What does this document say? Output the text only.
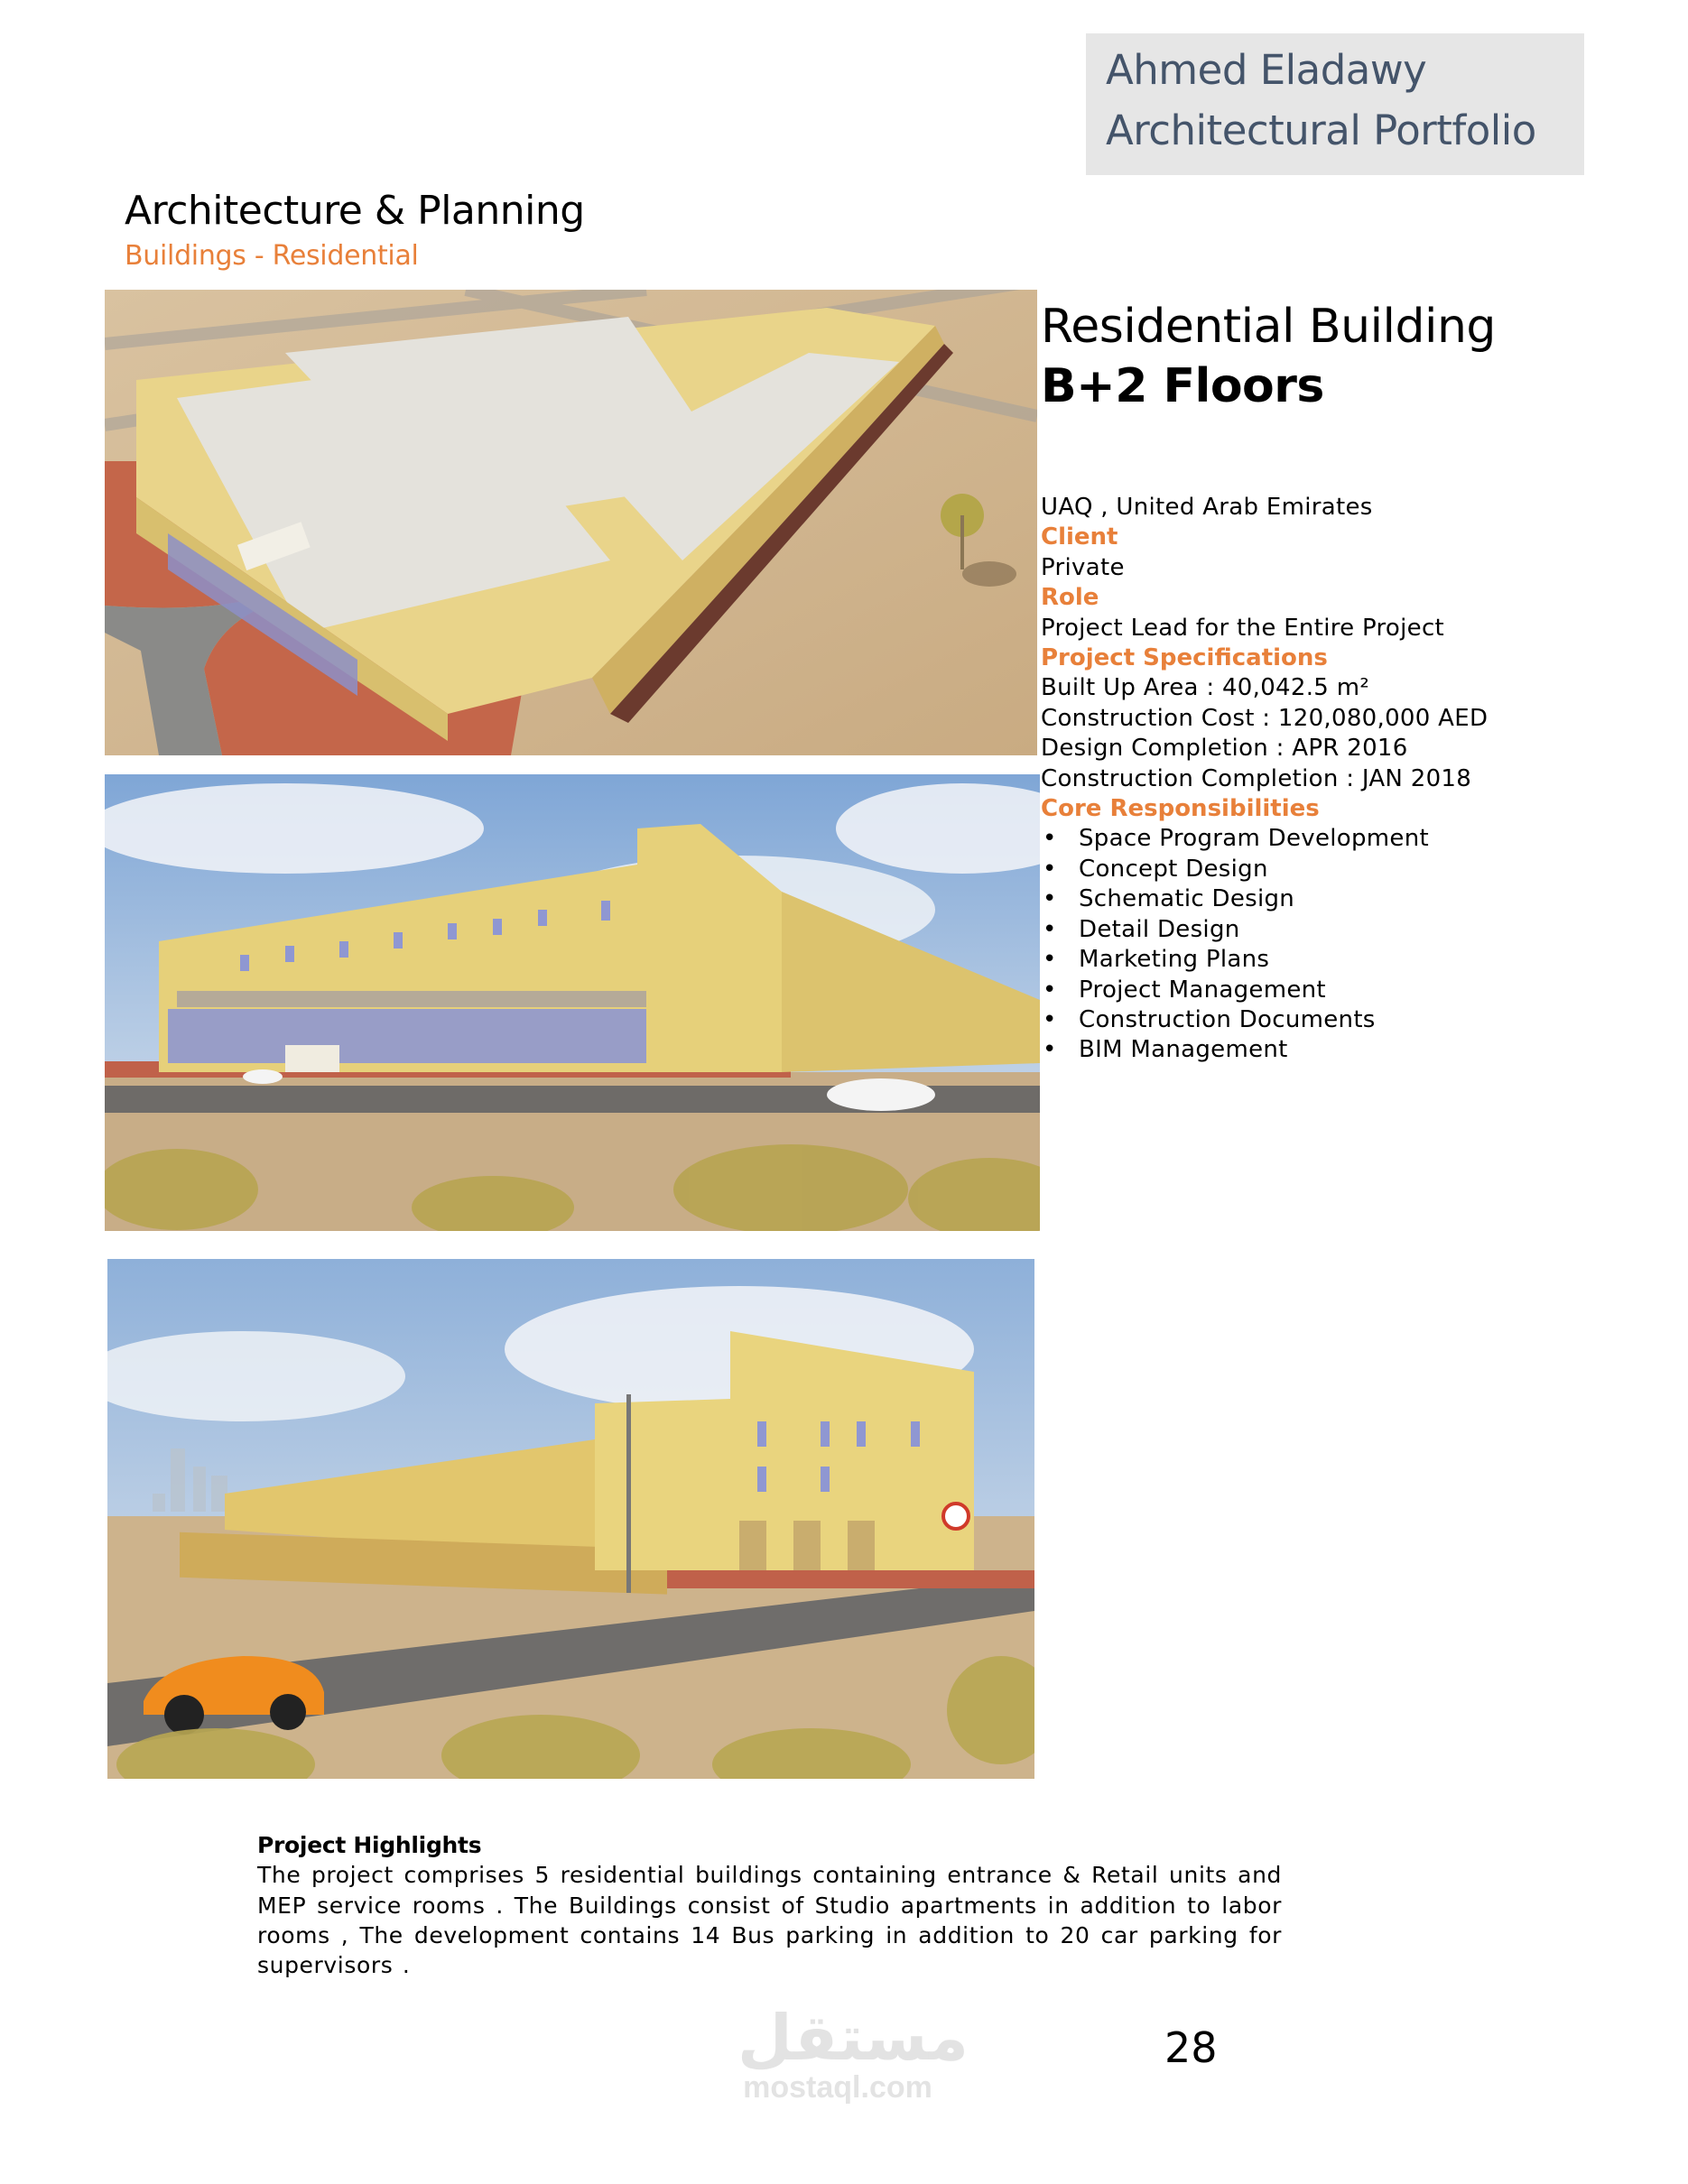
Ahmed Eladawy
Architectural Portfolio
Architecture & Planning
Buildings - Residential
Residential Building
B+2 Floors
UAQ , United Arab Emirates
Client
Private
Role
Project Lead for the Entire Project
Project Specifications
Built Up Area : 40,042.5 m²
Construction Cost : 120,080,000 AED
Design Completion : APR 2016
Construction Completion : JAN 2018
Core Responsibilities
• Space Program Development
• Concept Design
• Schematic Design
• Detail Design
• Marketing Plans
• Project Management
• Construction Documents
• BIM Management
Project Highlights
The project comprises 5 residential buildings containing entrance & Retail units and MEP service rooms . The Buildings consist of Studio apartments in addition to labor rooms , The development contains 14 Bus parking in addition to 20 car parking for supervisors .
مستقل
mostaql.com
28
